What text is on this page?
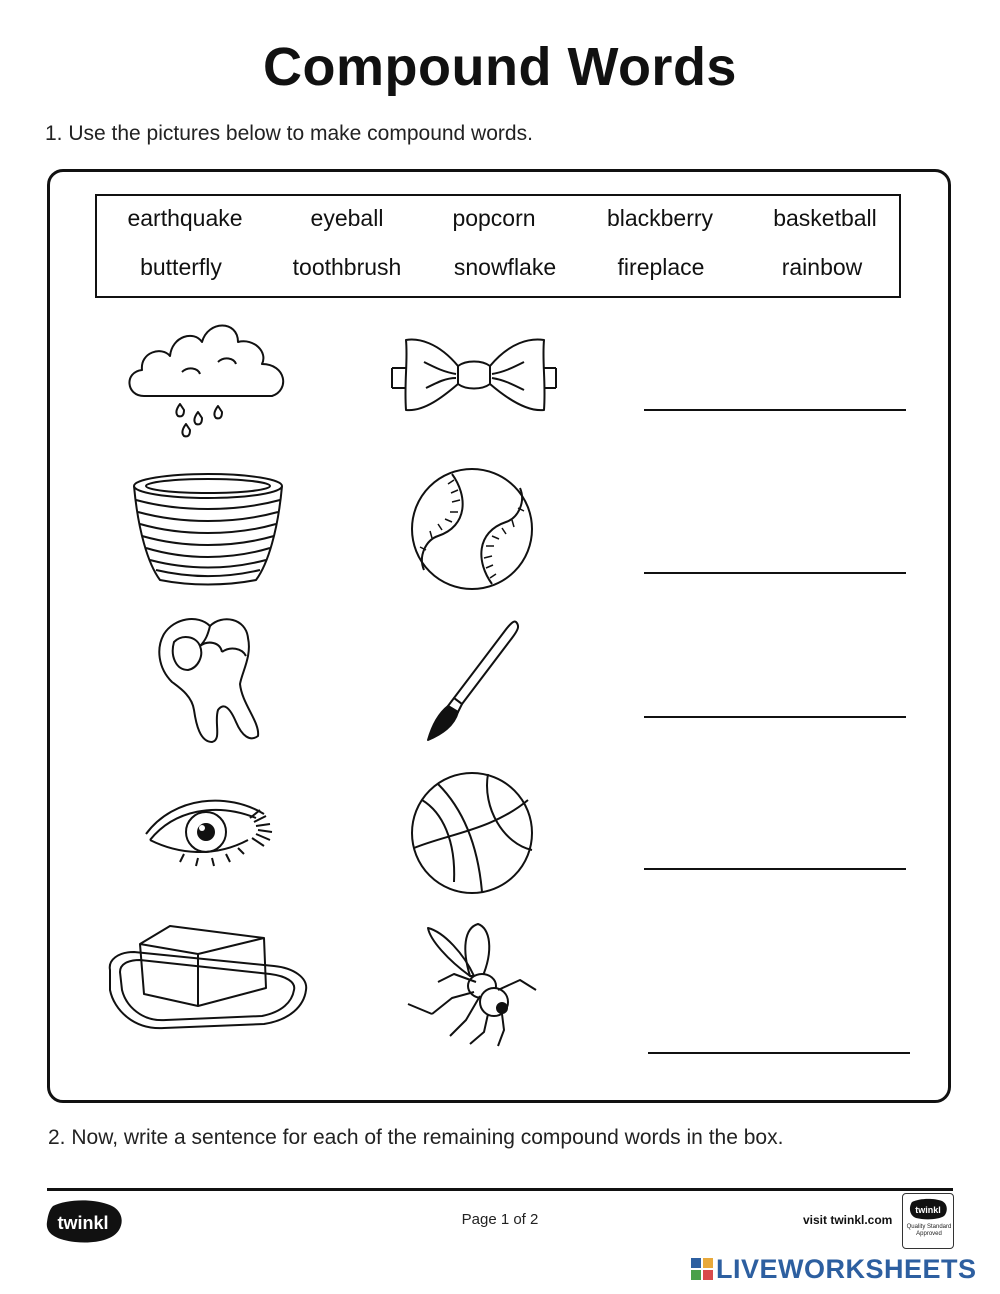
Compound Words
1. Use the pictures below to make compound words.
earthquake	eyeball	popcorn	blackberry	basketball
butterfly	toothbrush snowflake	fireplace	rainbow
2. Now, write a sentence for each of the remaining compound words in the box.
twinkl	Page 1 of 2	visit twinkl.com
twinkl
Quality Standard Approved
LIVEWORKSHEETS
